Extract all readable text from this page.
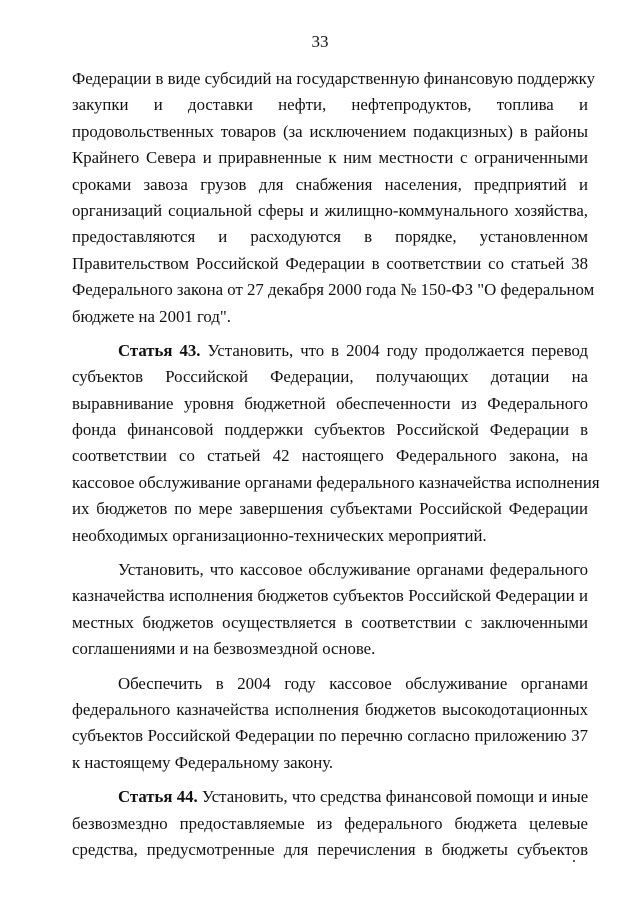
33
Федерации в виде субсидий на государственную финансовую поддержку
закупки и доставки нефти, нефтепродуктов, топлива и
продовольственных товаров (за исключением подакцизных) в районы
Крайнего Севера и приравненные к ним местности с ограниченными
сроками завоза грузов для снабжения населения, предприятий и
организаций социальной сферы и жилищно-коммунального хозяйства,
предоставляются и расходуются в порядке, установленном
Правительством Российской Федерации в соответствии со статьей 38
Федерального закона от 27 декабря 2000 года № 150-ФЗ "О федеральном
бюджете на 2001 год".
Статья 43. Установить, что в 2004 году продолжается перевод
субъектов Российской Федерации, получающих дотации на
выравнивание уровня бюджетной обеспеченности из Федерального
фонда финансовой поддержки субъектов Российской Федерации в
соответствии со статьей 42 настоящего Федерального закона, на
кассовое обслуживание органами федерального казначейства исполнения
их бюджетов по мере завершения субъектами Российской Федерации
необходимых организационно-технических мероприятий.
Установить, что кассовое обслуживание органами федерального
казначейства исполнения бюджетов субъектов Российской Федерации и
местных бюджетов осуществляется в соответствии с заключенными
соглашениями и на безвозмездной основе.
Обеспечить в 2004 году кассовое обслуживание органами
федерального казначейства исполнения бюджетов высокодотационных
субъектов Российской Федерации по перечню согласно приложению 37
к настоящему Федеральному закону.
Статья 44. Установить, что средства финансовой помощи и иные
безвозмездно предоставляемые из федерального бюджета целевые
средства, предусмотренные для перечисления в бюджеты субъектов
